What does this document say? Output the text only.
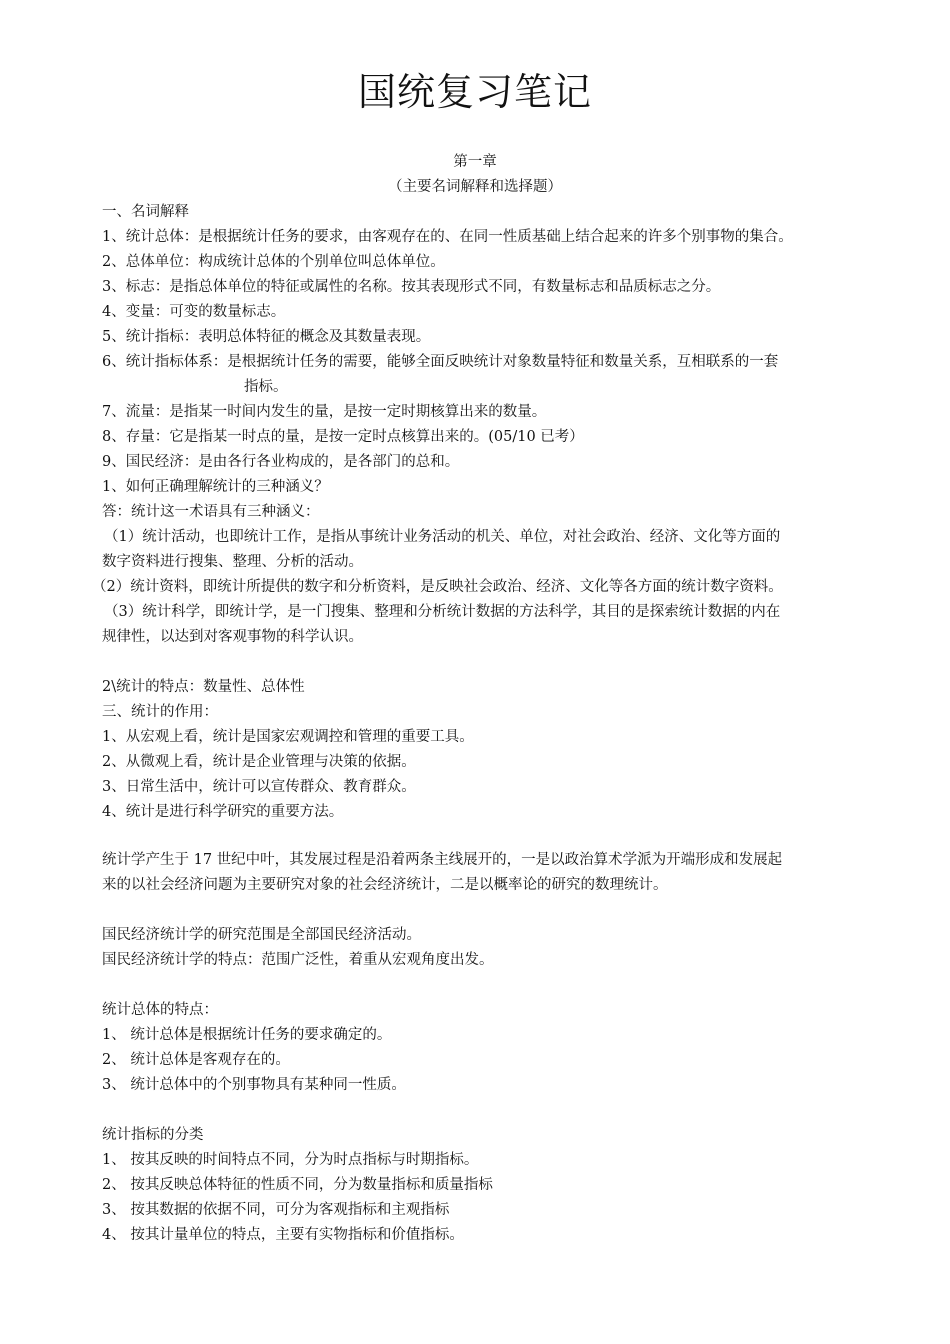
国统复习笔记
第一章
（主要名词解释和选择题）
一、名词解释
1、统计总体：是根据统计任务的要求，由客观存在的、在同一性质基础上结合起来的许多个别事物的集合。
2、总体单位：构成统计总体的个别单位叫总体单位。
3、标志：是指总体单位的特征或属性的名称。按其表现形式不同，有数量标志和品质标志之分。
4、变量：可变的数量标志。
5、统计指标：表明总体特征的概念及其数量表现。
6、统计指标体系：是根据统计任务的需要，能够全面反映统计对象数量特征和数量关系，互相联系的一套
指标。
7、流量：是指某一时间内发生的量，是按一定时期核算出来的数量。
8、存量：它是指某一时点的量，是按一定时点核算出来的。(05/10 已考）
9、国民经济：是由各行各业构成的，是各部门的总和。
1、如何正确理解统计的三种涵义？
答：统计这一术语具有三种涵义：
（1）统计活动，也即统计工作，是指从事统计业务活动的机关、单位，对社会政治、经济、文化等方面的
数字资料进行搜集、整理、分析的活动。
（2）统计资料，即统计所提供的数字和分析资料，是反映社会政治、经济、文化等各方面的统计数字资料。
（3）统计科学，即统计学，是一门搜集、整理和分析统计数据的方法科学，其目的是探索统计数据的内在
规律性，以达到对客观事物的科学认识。
2\统计的特点：数量性、总体性
三、统计的作用：
1、从宏观上看，统计是国家宏观调控和管理的重要工具。
2、从微观上看，统计是企业管理与决策的依据。
3、日常生活中，统计可以宣传群众、教育群众。
4、统计是进行科学研究的重要方法。
统计学产生于 17 世纪中叶，其发展过程是沿着两条主线展开的，一是以政治算术学派为开端形成和发展起
来的以社会经济问题为主要研究对象的社会经济统计，二是以概率论的研究的数理统计。
国民经济统计学的研究范围是全部国民经济活动。
国民经济统计学的特点：范围广泛性，着重从宏观角度出发。
统计总体的特点：
1、 统计总体是根据统计任务的要求确定的。
2、 统计总体是客观存在的。
3、 统计总体中的个别事物具有某种同一性质。
统计指标的分类
1、 按其反映的时间特点不同，分为时点指标与时期指标。
2、 按其反映总体特征的性质不同，分为数量指标和质量指标
3、 按其数据的依据不同，可分为客观指标和主观指标
4、 按其计量单位的特点，主要有实物指标和价值指标。
